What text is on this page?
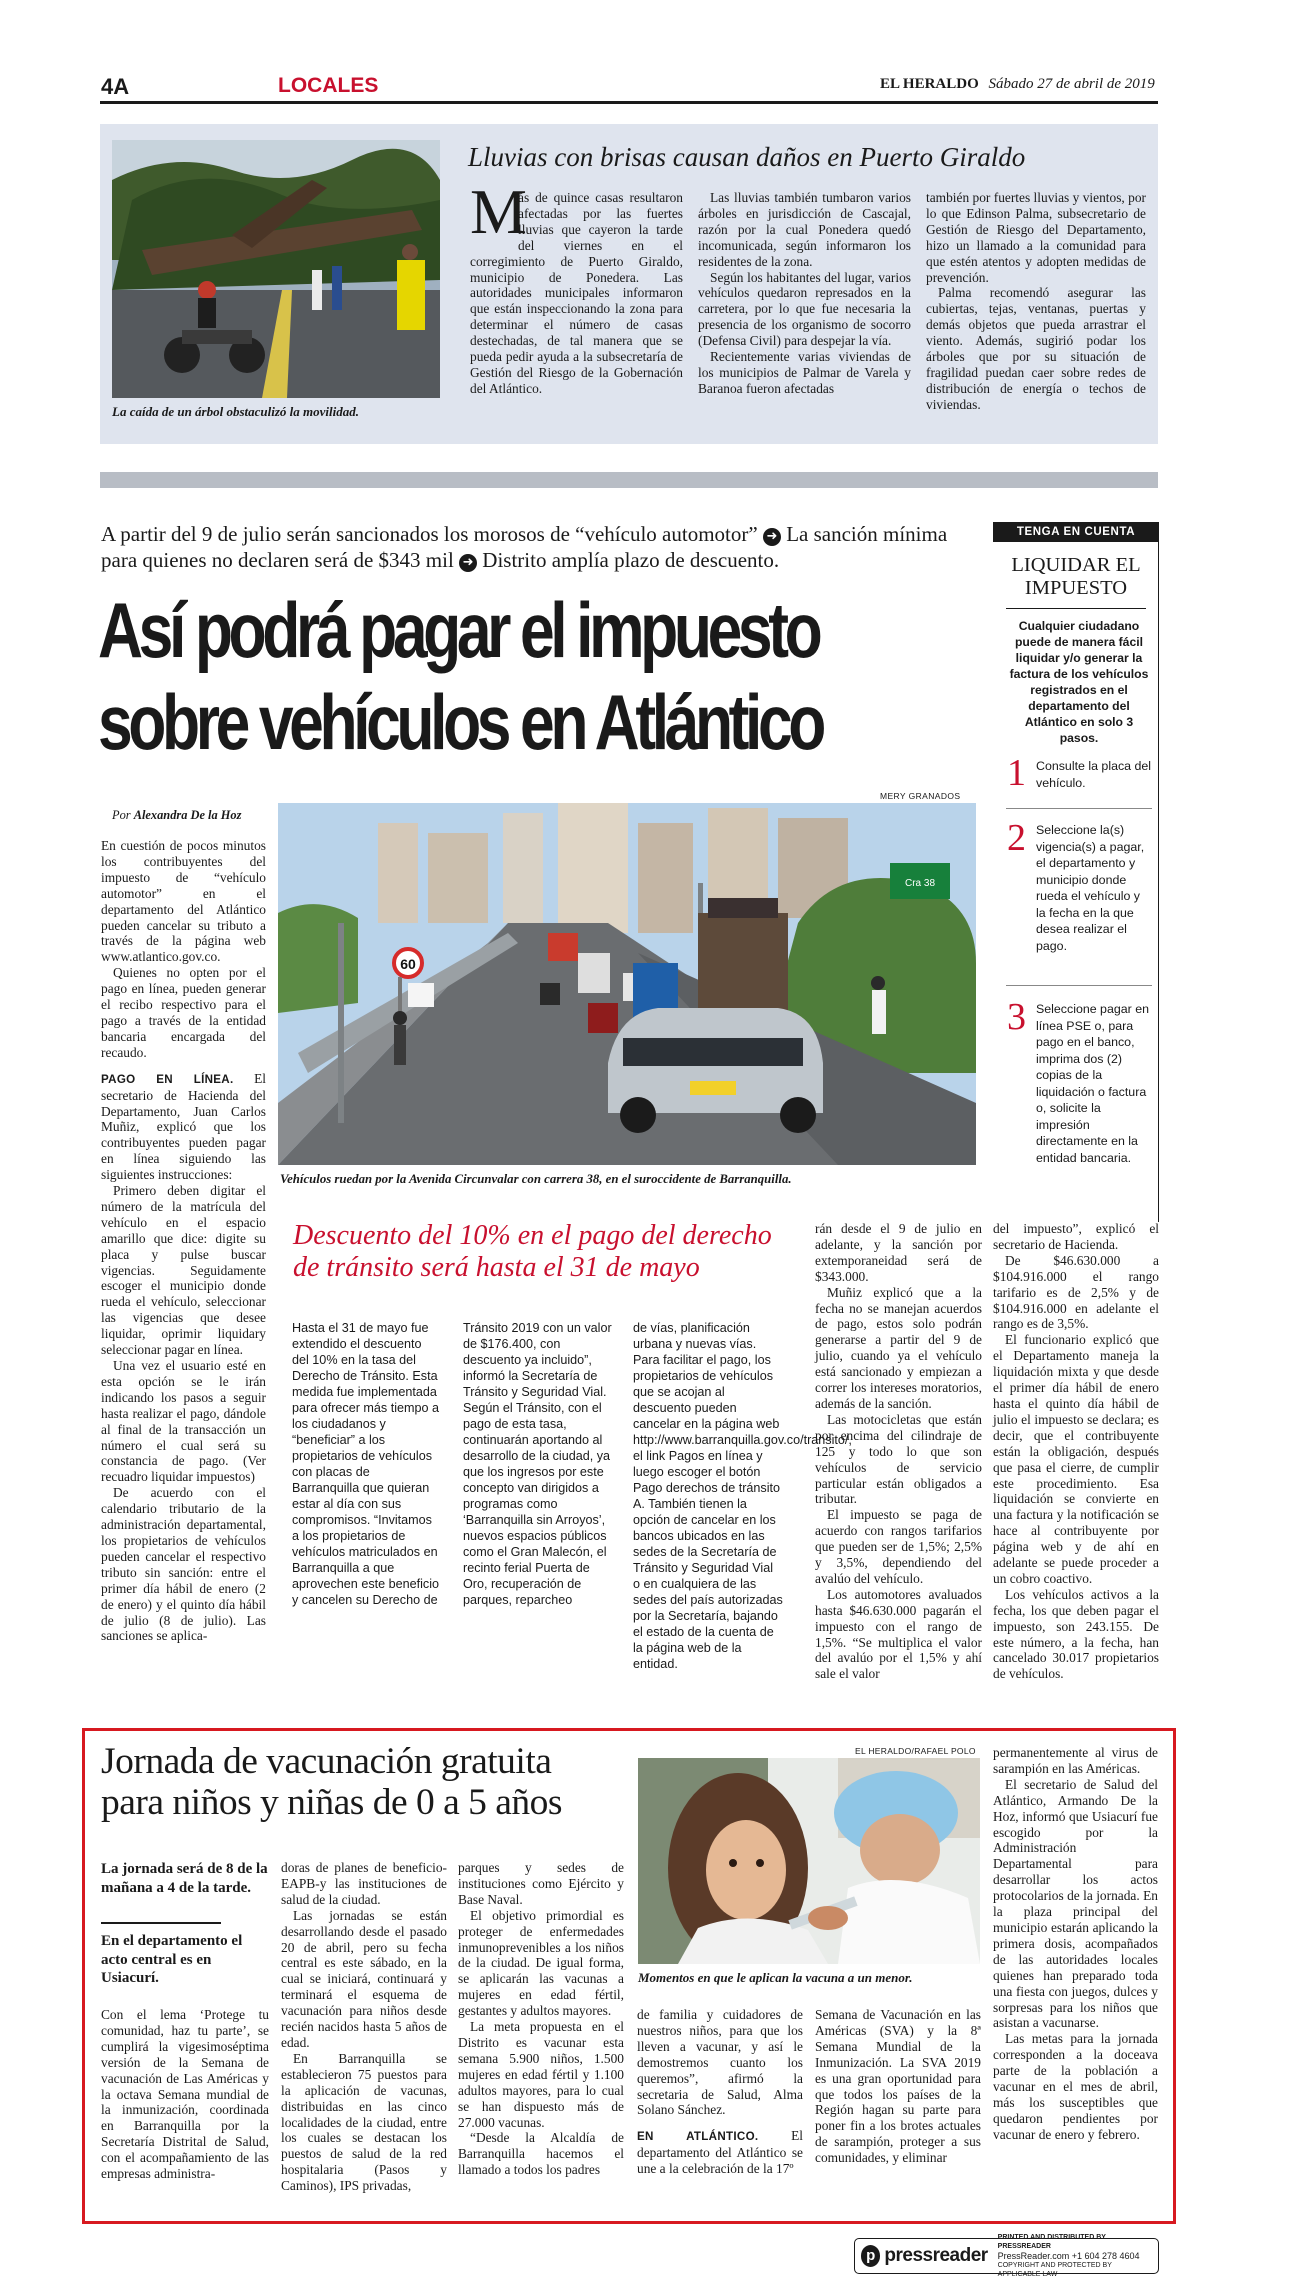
4A	LOCALES	EL HERALDO Sábado 27 de abril de 2019
La caída de un árbol obstaculizó la movilidad.
Lluvias con brisas causan daños en Puerto Giraldo
M
ás de quince casas resultaron afectadas por las fuertes lluvias que cayeron la tarde del viernes en el corregimiento de Puerto Giraldo, municipio de Ponedera. Las autoridades municipales informaron que están inspeccionando la zona para determinar el número de casas destechadas, de tal manera que se pueda pedir ayuda a la subsecretaría de Gestión del Riesgo de la Gobernación del Atlántico.

Las lluvias también tumbaron varios árboles en jurisdicción de Cascajal, razón por la cual Ponedera quedó incomunicada, según informaron los residentes de la zona.

Según los habitantes del lugar, varios vehículos quedaron represados en la carretera, por lo que fue necesaria la presencia de los organismo de socorro (Defensa Civil) para despejar la vía.

Recientemente varias viviendas de los municipios de Palmar de Varela y Baranoa fueron afectadas

también por fuertes lluvias y vientos, por lo que Edinson Palma, subsecretario de Gestión de Riesgo del Departamento, hizo un llamado a la comunidad para que estén atentos y adopten medidas de prevención.

Palma recomendó asegurar las cubiertas, tejas, ventanas, puertas y demás objetos que pueda arrastrar el viento. Además, sugirió podar los árboles que por su situación de fragilidad puedan caer sobre redes de distribución de energía o techos de viviendas.

A partir del 9 de julio serán sancionados los morosos de “vehículo automotor” ➜ La sanción mínima para quienes no declaren será de $343 mil ➜ Distrito amplía plazo de descuento.
Así podrá pagar el impuesto
sobre vehículos en Atlántico
Por Alexandra De la Hoz
MERY GRANADOS
60
Cra 38
Vehículos ruedan por la Avenida Circunvalar con carrera 38, en el suroccidente de Barranquilla.

En cuestión de pocos minutos los contribuyentes del impuesto de “vehículo automotor” en el departamento del Atlántico pueden cancelar su tributo a través de la página web www.atlantico.gov.co.

Quienes no opten por el pago en línea, pueden generar el recibo respectivo para el pago a través de la entidad bancaria encargada del recaudo.

PAGO EN LÍNEA. El secretario de Hacienda del Departamento, Juan Carlos Muñiz, explicó que los contribuyentes pueden pagar en línea siguiendo las siguientes instrucciones:

Primero deben digitar el número de la matrícula del vehículo en el espacio amarillo que dice: digite su placa y pulse buscar vigencias. Seguidamente escoger el municipio donde rueda el vehículo, seleccionar las vigencias que desee liquidar, oprimir liquidary seleccionar pagar en línea.

Una vez el usuario esté en esta opción se le irán indicando los pasos a seguir hasta realizar el pago, dándole al final de la transacción un número el cual será su constancia de pago. (Ver recuadro liquidar impuestos)

De acuerdo con el calendario tributario de la administración departamental, los propietarios de vehículos pueden cancelar el respectivo tributo sin sanción: entre el primer día hábil de enero (2 de enero) y el quinto día hábil de julio (8 de julio). Las sanciones se aplica-

Descuento del 10% en el pago del derecho
de tránsito será hasta el 31 de mayo
Hasta el 31 de mayo fue extendido el descuento del 10% en la tasa del Derecho de Tránsito. Esta medida fue implementada para ofrecer más tiempo a los ciudadanos y “beneficiar” a los propietarios de vehículos con placas de Barranquilla que quieran estar al día con sus compromisos. “Invitamos a los propietarios de vehículos matriculados en Barranquilla a que aprovechen este beneficio y cancelen su Derecho de
Tránsito 2019 con un valor de $176.400, con descuento ya incluido”, informó la Secretaría de Tránsito y Seguridad Vial. Según el Tránsito, con el pago de esta tasa, continuarán aportando al desarrollo de la ciudad, ya que los ingresos por este concepto van dirigidos a programas como ‘Barranquilla sin Arroyos’, nuevos espacios públicos como el Gran Malecón, el recinto ferial Puerta de Oro, recuperación de parques, reparcheo
de vías, planificación urbana y nuevas vías. Para facilitar el pago, los propietarios de vehículos que se acojan al descuento pueden cancelar en la página web http://www.barranquilla.gov.co/transito/, el link Pagos en línea y luego escoger el botón Pago derechos de tránsito A. También tienen la opción de cancelar en los bancos ubicados en las sedes de la Secretaría de Tránsito y Seguridad Vial o en cualquiera de las sedes del país autorizadas por la Secretaría, bajando el estado de la cuenta de la página web de la entidad.

rán desde el 9 de julio en adelante, y la sanción por extemporaneidad será de $343.000.

Muñiz explicó que a la fecha no se manejan acuerdos de pago, estos solo podrán generarse a partir del 9 de julio, cuando ya el vehículo está sancionado y empiezan a correr los intereses moratorios, además de la sanción.

Las motocicletas que están por encima del cilindraje de 125 y todo lo que son vehículos de servicio particular están obligados a tributar.

El impuesto se paga de acuerdo con rangos tarifarios que pueden ser de 1,5%; 2,5% y 3,5%, dependiendo del avalúo del vehículo.

Los automotores avaluados hasta $46.630.000 pagarán el impuesto con el rango de 1,5%. “Se multiplica el valor del avalúo por el 1,5% y ahí sale el valor

del impuesto”, explicó el secretario de Hacienda.

De $46.630.000 a $104.916.000 el rango tarifario es de 2,5% y de $104.916.000 en adelante el rango es de 3,5%.

El funcionario explicó que el Departamento maneja la liquidación mixta y que desde el primer día hábil de enero hasta el quinto día hábil de julio el impuesto se declara; es decir, que el contribuyente están la obligación, después que pasa el cierre, de cumplir este procedimiento. Esa liquidación se convierte en una factura y la notificación se hace al contribuyente por página web y de ahí en adelante se puede proceder a un cobro coactivo.

Los vehículos activos a la fecha, los que deben pagar el impuesto, son 243.155. De este número, a la fecha, han cancelado 30.017 propietarios de vehículos.

TENGA EN CUENTA
LIQUIDAR EL
IMPUESTO
Cualquier ciudadano puede de manera fácil liquidar y/o generar la factura de los vehículos registrados en el departamento del Atlántico en solo 3 pasos.
1 Consulte la placa del vehículo.
2 Seleccione la(s) vigencia(s) a pagar, el departamento y municipio donde rueda el vehículo y la fecha en la que desea realizar el pago.
3 Seleccione pagar en línea PSE o, para pago en el banco, imprima dos (2) copias de la liquidación o factura o, solicite la impresión directamente en la entidad bancaria.
Jornada de vacunación gratuita
para niños y niñas de 0 a 5 años
La jornada será de 8 de la mañana a 4 de la tarde.
En el departamento el acto central es en Usiacurí.

Con el lema ‘Protege tu comunidad, haz tu parte’, se cumplirá la vigesimoséptima versión de la Semana de vacunación de Las Américas y la octava Semana mundial de la inmunización, coordinada en Barranquilla por la Secretaría Distrital de Salud, con el acompañamiento de las empresas administra-

doras de planes de beneficio-EAPB-y las instituciones de salud de la ciudad.

Las jornadas se están desarrollando desde el pasado 20 de abril, pero su fecha central es este sábado, en la cual se iniciará, continuará y terminará el esquema de vacunación para niños desde recién nacidos hasta 5 años de edad.

En Barranquilla se establecieron 75 puestos para la aplicación de vacunas, distribuidas en las cinco localidades de la ciudad, entre los cuales se destacan los puestos de salud de la red hospitalaria (Pasos y Caminos), IPS privadas,

parques y sedes de instituciones como Ejército y Base Naval.

El objetivo primordial es proteger de enfermedades inmunoprevenibles a los niños de la ciudad. De igual forma, se aplicarán las vacunas a mujeres en edad fértil, gestantes y adultos mayores.

La meta propuesta en el Distrito es vacunar esta semana 5.900 niños, 1.500 mujeres en edad fértil y 1.100 adultos mayores, para lo cual se han dispuesto más de 27.000 vacunas.

“Desde la Alcaldía de Barranquilla hacemos el llamado a todos los padres

EL HERALDO/RAFAEL POLO
Momentos en que le aplican la vacuna a un menor.

de familia y cuidadores de nuestros niños, para que los lleven a vacunar, y así le demostremos cuanto los queremos”, afirmó la secretaria de Salud, Alma Solano Sánchez.

EN ATLÁNTICO. El departamento del Atlántico se une a la celebración de la 17º

Semana de Vacunación en las Américas (SVA) y la 8ª Semana Mundial de la Inmunización. La SVA 2019 es una gran oportunidad para que todos los países de la Región hagan su parte para poner fin a los brotes actuales de sarampión, proteger a sus comunidades, y eliminar

permanentemente al virus de sarampión en las Américas.

El secretario de Salud del Atlántico, Armando De la Hoz, informó que Usiacurí fue escogido por la Administración Departamental para desarrollar los actos protocolarios de la jornada. En la plaza principal del municipio estarán aplicando la primera dosis, acompañados de las autoridades locales quienes han preparado toda una fiesta con juegos, dulces y sorpresas para los niños que asistan a vacunarse.

Las metas para la jornada corresponden a la doceava parte de la población a vacunar en el mes de abril, más los susceptibles que quedaron pendientes por vacunar de enero y febrero.

p pressreader
PRINTED AND DISTRIBUTED BY PRESSREADER
PressReader.com +1 604 278 4604
COPYRIGHT AND PROTECTED BY APPLICABLE LAW
